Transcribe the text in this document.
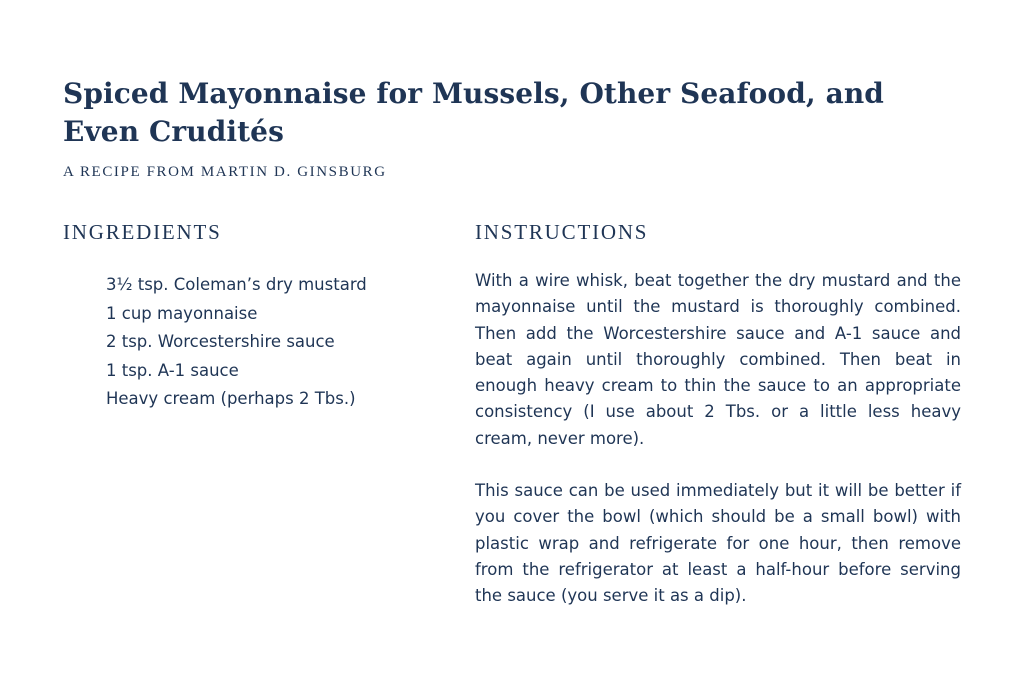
Spiced Mayonnaise for Mussels, Other Seafood, and Even Crudités
A RECIPE FROM MARTIN D. GINSBURG
INGREDIENTS
3½ tsp. Coleman’s dry mustard
1 cup mayonnaise
2 tsp. Worcestershire sauce
1 tsp. A-1 sauce
Heavy cream (perhaps 2 Tbs.)
INSTRUCTIONS

With a wire whisk, beat together the dry mustard and the mayonnaise until the mustard is thoroughly combined.  Then add the Worcestershire sauce and A-1 sauce and beat again until thoroughly combined. Then beat in enough heavy cream to thin the sauce to an appropriate consistency (I use about 2 Tbs. or a little less heavy cream, never more).

This sauce can be used immediately but it will be better if you cover the bowl (which should be a small bowl) with plastic wrap and refrigerate for one hour, then remove from the refrigerator at least a half-hour before serving the sauce (you serve it as a dip).
